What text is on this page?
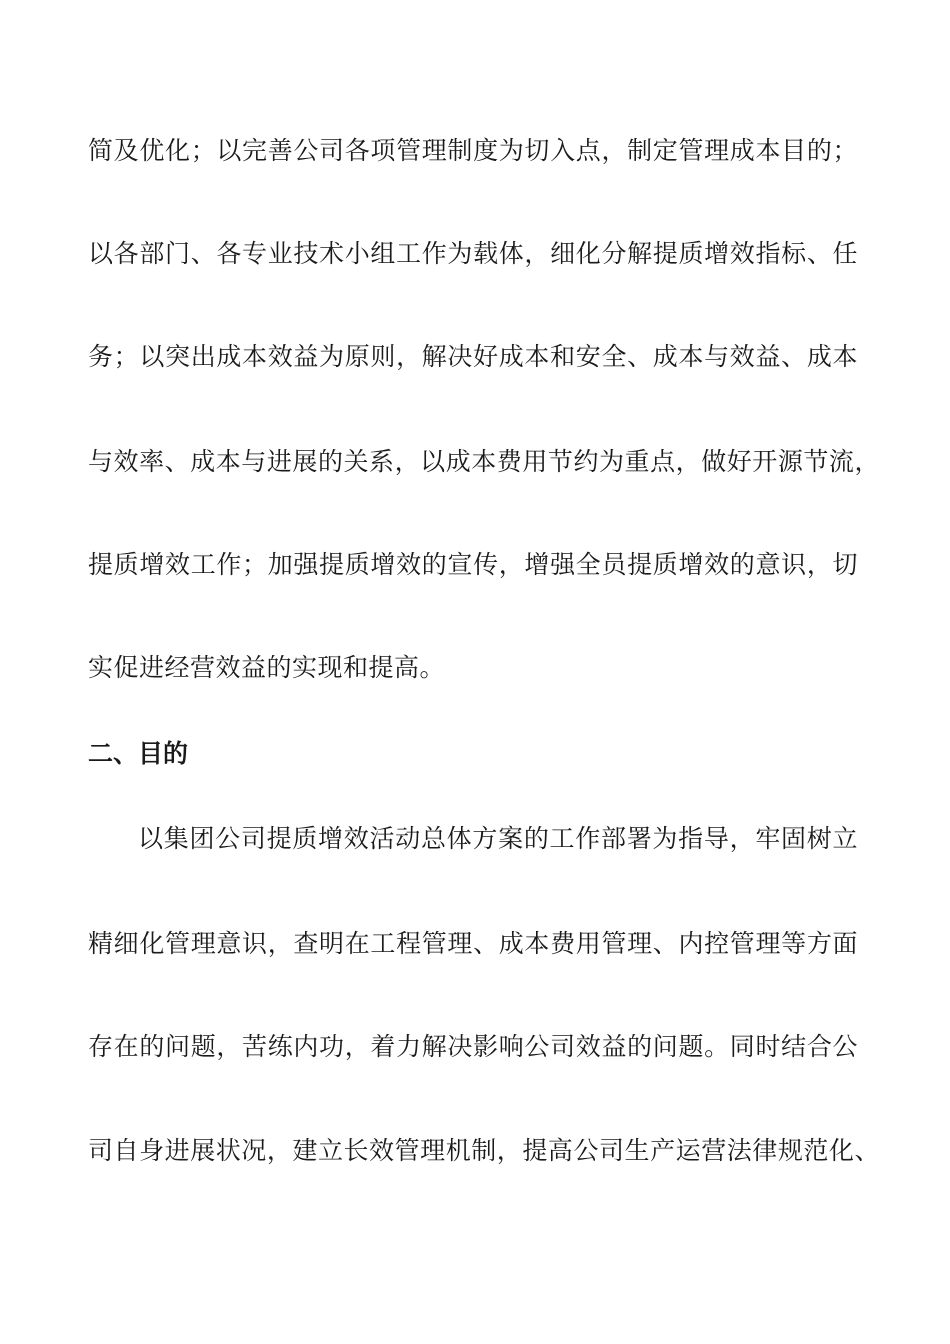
简及优化；以完善公司各项管理制度为切入点，制定管理成本目的；
以各部门、各专业技术小组工作为载体，细化分解提质增效指标、任
务；以突出成本效益为原则，解决好成本和安全、成本与效益、成本
与效率、成本与进展的关系，以成本费用节约为重点，做好开源节流，
提质增效工作；加强提质增效的宣传，增强全员提质增效的意识，切
实促进经营效益的实现和提高。
二、目的
以集团公司提质增效活动总体方案的工作部署为指导，牢固树立
精细化管理意识，查明在工程管理、成本费用管理、内控管理等方面
存在的问题，苦练内功，着力解决影响公司效益的问题。同时结合公
司自身进展状况，建立长效管理机制，提高公司生产运营法律规范化、
